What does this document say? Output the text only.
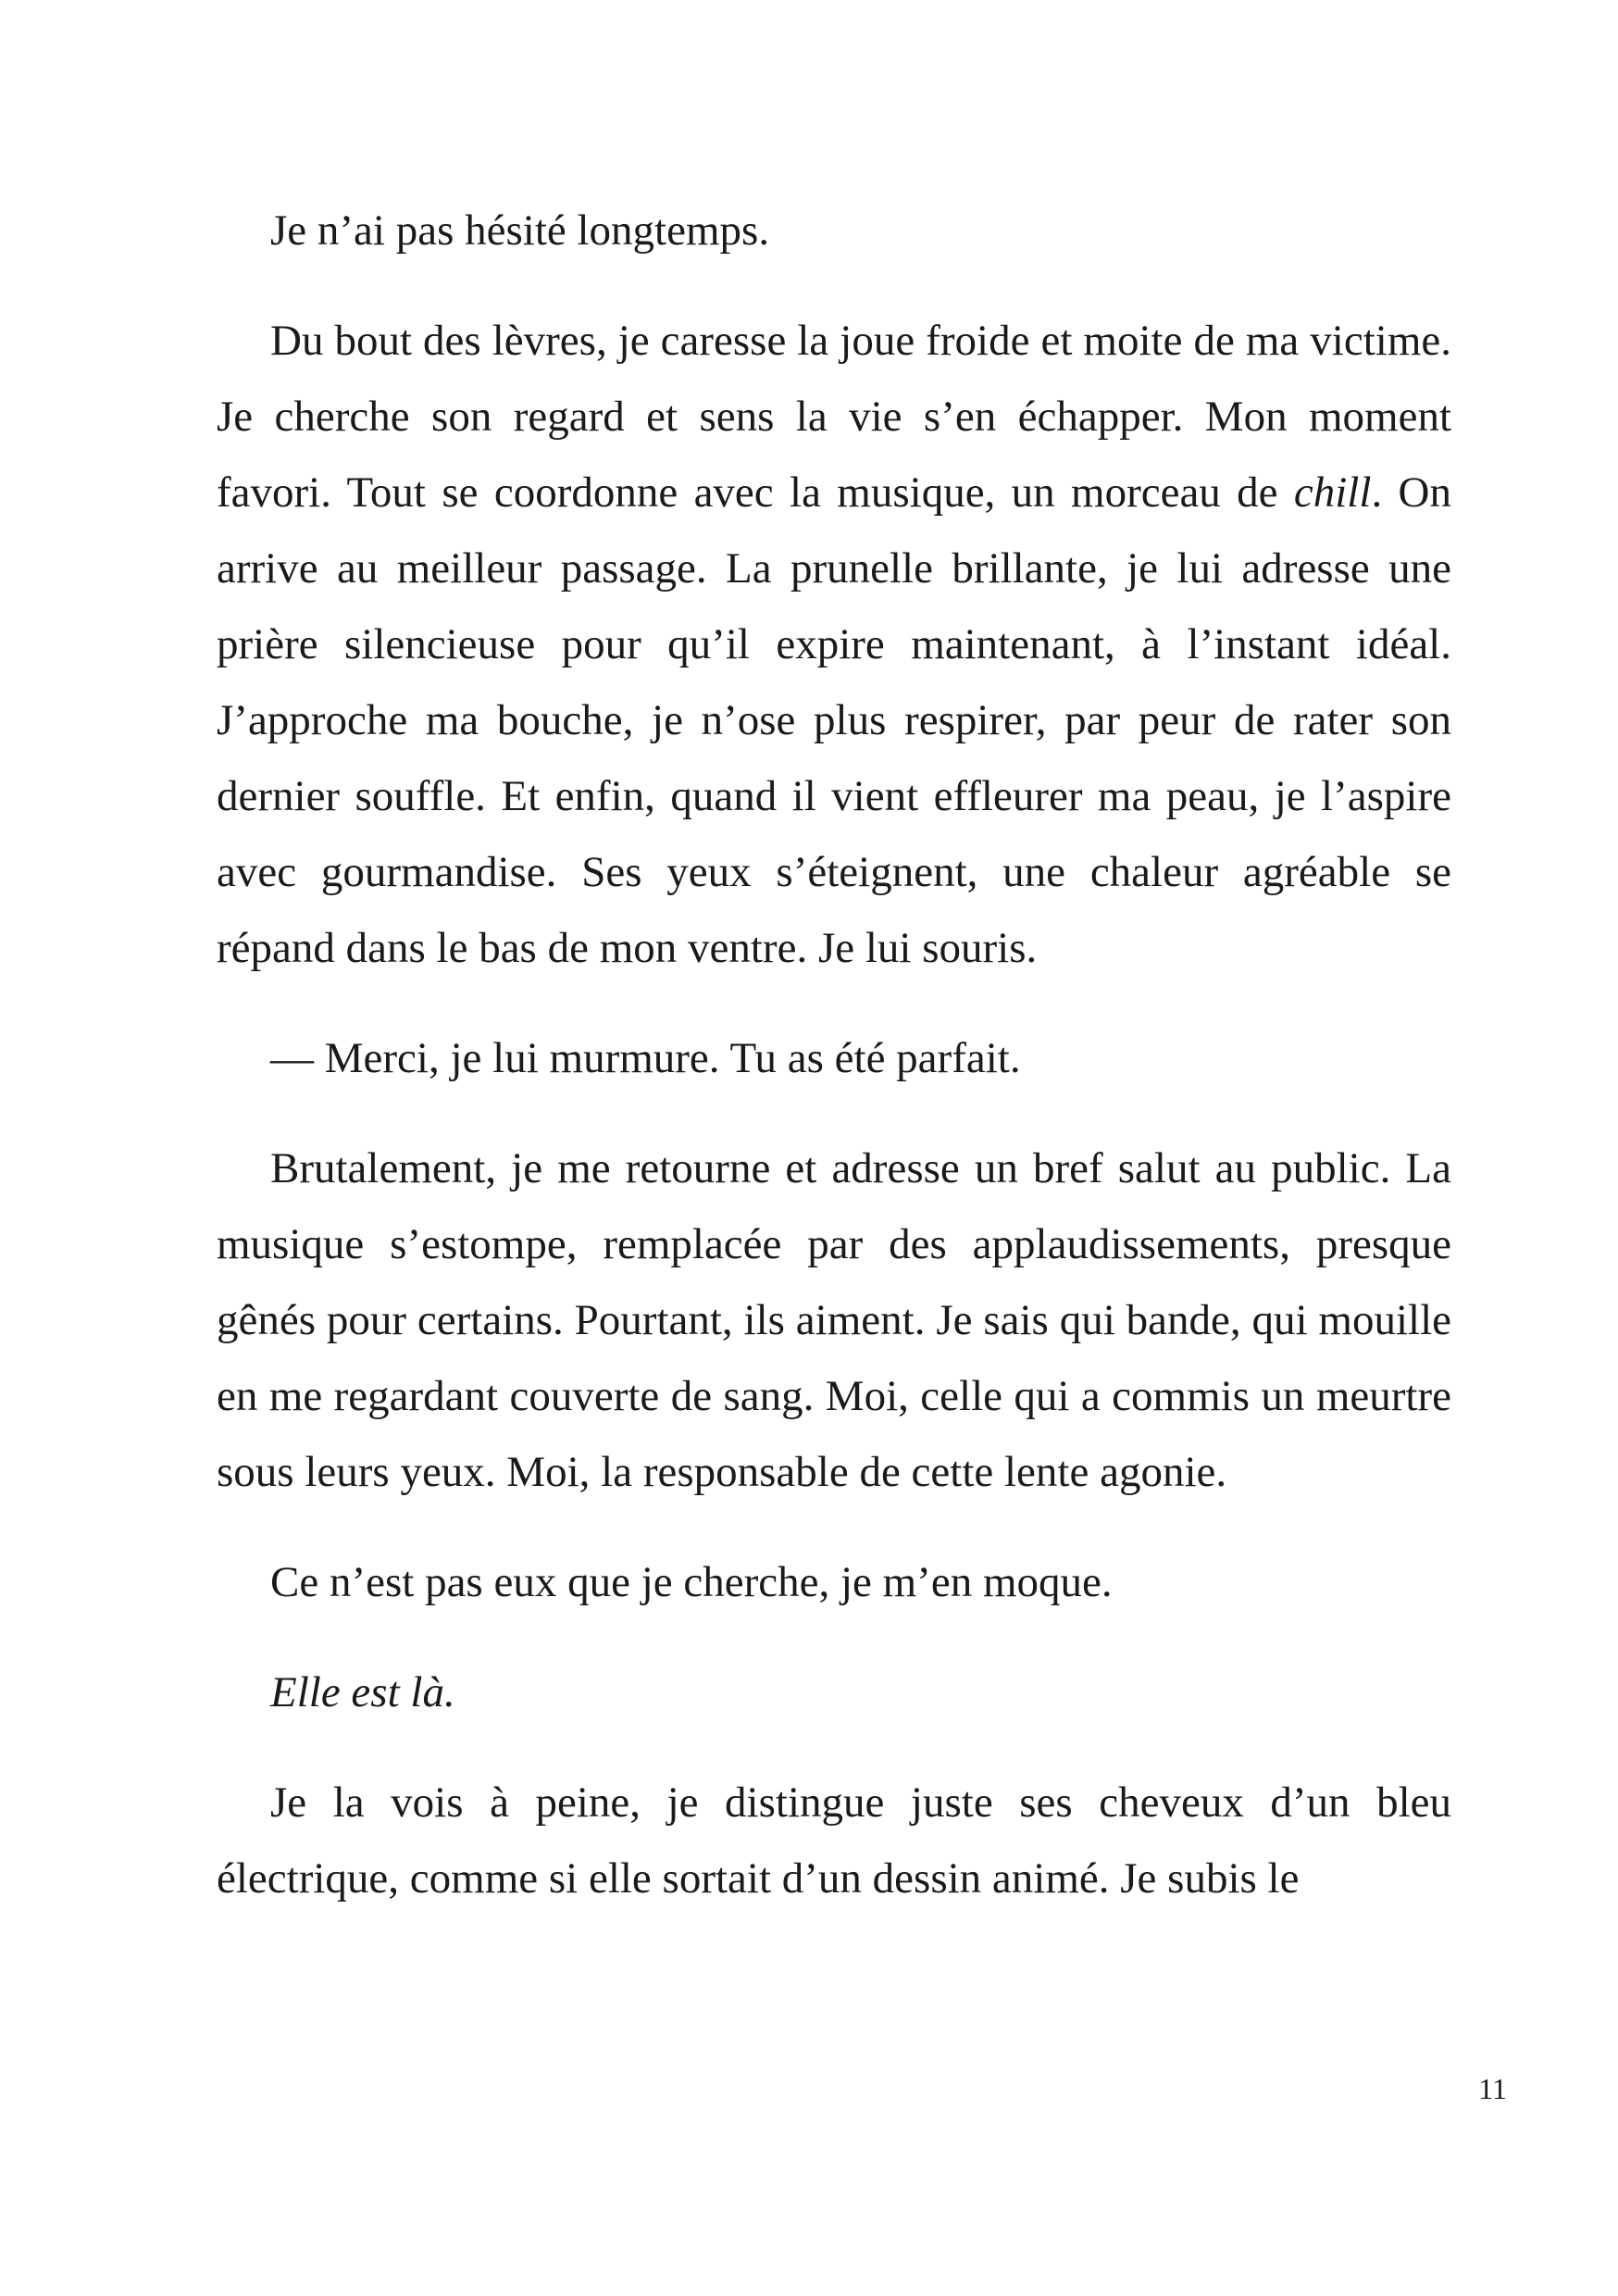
Je n’ai pas hésité longtemps.

Du bout des lèvres, je caresse la joue froide et moite de ma victime. Je cherche son regard et sens la vie s’en échapper. Mon moment favori. Tout se coordonne avec la musique, un morceau de chill. On arrive au meilleur passage. La prunelle brillante, je lui adresse une prière silencieuse pour qu’il expire maintenant, à l’instant idéal. J’approche ma bouche, je n’ose plus respirer, par peur de rater son dernier souffle. Et enfin, quand il vient effleurer ma peau, je l’aspire avec gourmandise. Ses yeux s’éteignent, une chaleur agréable se répand dans le bas de mon ventre. Je lui souris.

— Merci, je lui murmure. Tu as été parfait.

Brutalement, je me retourne et adresse un bref salut au public. La musique s’estompe, remplacée par des applaudissements, presque gênés pour certains. Pourtant, ils aiment. Je sais qui bande, qui mouille en me regardant couverte de sang. Moi, celle qui a commis un meurtre sous leurs yeux. Moi, la responsable de cette lente agonie.

Ce n’est pas eux que je cherche, je m’en moque.

Elle est là.

Je la vois à peine, je distingue juste ses cheveux d’un bleu électrique, comme si elle sortait d’un dessin animé. Je subis le

11
